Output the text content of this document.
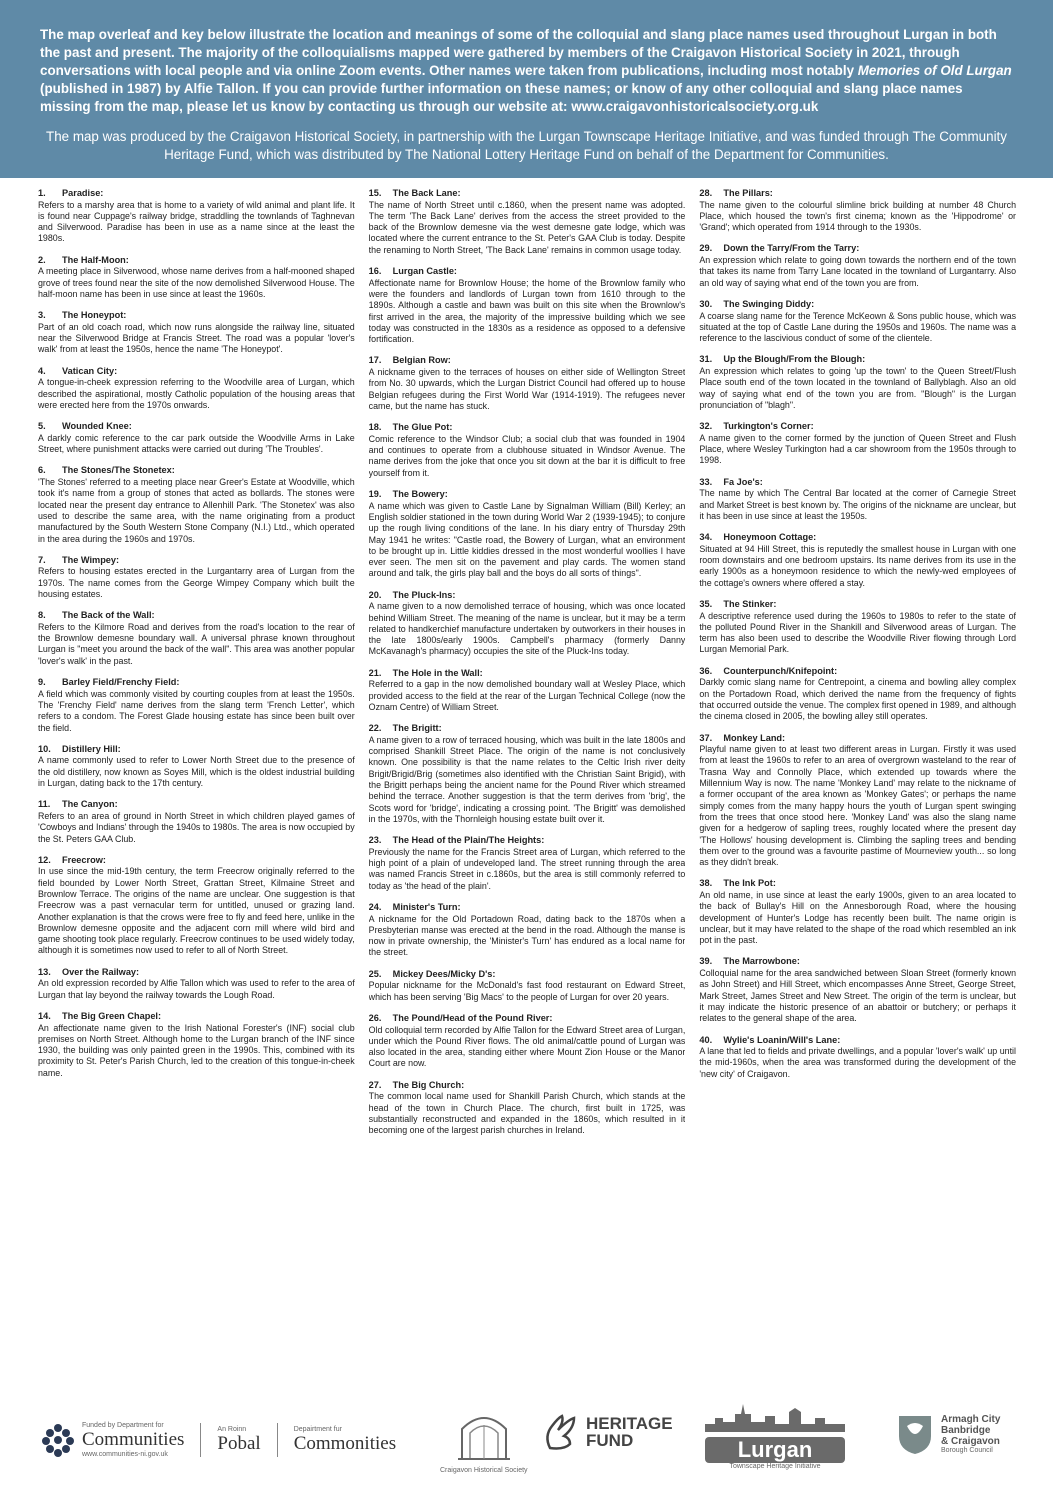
The map overleaf and key below illustrate the location and meanings of some of the colloquial and slang place names used throughout Lurgan in both the past and present. The majority of the colloquialisms mapped were gathered by members of the Craigavon Historical Society in 2021, through conversations with local people and via online Zoom events. Other names were taken from publications, including most notably Memories of Old Lurgan (published in 1987) by Alfie Tallon. If you can provide further information on these names; or know of any other colloquial and slang place names missing from the map, please let us know by contacting us through our website at: www.craigavonhistoricalsociety.org.uk

The map was produced by the Craigavon Historical Society, in partnership with the Lurgan Townscape Heritage Initiative, and was funded through The Community Heritage Fund, which was distributed by The National Lottery Heritage Fund on behalf of the Department for Communities.

1. Paradise:

Refers to a marshy area that is home to a variety of wild animal and plant life. It is found near Cuppage's railway bridge, straddling the townlands of Taghnevan and Silverwood. Paradise has been in use as a name since at the least the 1980s.

2. The Half-Moon:

A meeting place in Silverwood, whose name derives from a half-mooned shaped grove of trees found near the site of the now demolished Silverwood House. The half-moon name has been in use since at least the 1960s.

3. The Honeypot:

Part of an old coach road, which now runs alongside the railway line, situated near the Silverwood Bridge at Francis Street. The road was a popular 'lover's walk' from at least the 1950s, hence the name 'The Honeypot'.

4. Vatican City:

A tongue-in-cheek expression referring to the Woodville area of Lurgan, which described the aspirational, mostly Catholic population of the housing areas that were erected here from the 1970s onwards.

5. Wounded Knee:

A darkly comic reference to the car park outside the Woodville Arms in Lake Street, where punishment attacks were carried out during 'The Troubles'.

6. The Stones/The Stonetex:

'The Stones' referred to a meeting place near Greer's Estate at Woodville, which took it's name from a group of stones that acted as bollards. The stones were located near the present day entrance to Allenhill Park. 'The Stonetex' was also used to describe the same area, with the name originating from a product manufactured by the South Western Stone Company (N.I.) Ltd., which operated in the area during the 1960s and 1970s.

7. The Wimpey:

Refers to housing estates erected in the Lurgantarry area of Lurgan from the 1970s. The name comes from the George Wimpey Company which built the housing estates.

8. The Back of the Wall:

Refers to the Kilmore Road and derives from the road's location to the rear of the Brownlow demesne boundary wall. A universal phrase known throughout Lurgan is "meet you around the back of the wall". This area was another popular 'lover's walk' in the past.

9. Barley Field/Frenchy Field:

A field which was commonly visited by courting couples from at least the 1950s. The 'Frenchy Field' name derives from the slang term 'French Letter', which refers to a condom. The Forest Glade housing estate has since been built over the field.

10. Distillery Hill:

A name commonly used to refer to Lower North Street due to the presence of the old distillery, now known as Soyes Mill, which is the oldest industrial building in Lurgan, dating back to the 17th century.

11. The Canyon:

Refers to an area of ground in North Street in which children played games of 'Cowboys and Indians' through the 1940s to 1980s. The area is now occupied by the St. Peters GAA Club.

12. Freecrow:

In use since the mid-19th century, the term Freecrow originally referred to the field bounded by Lower North Street, Grattan Street, Kilmaine Street and Brownlow Terrace. The origins of the name are unclear. One suggestion is that Freecrow was a past vernacular term for untitled, unused or grazing land. Another explanation is that the crows were free to fly and feed here, unlike in the Brownlow demesne opposite and the adjacent corn mill where wild bird and game shooting took place regularly. Freecrow continues to be used widely today, although it is sometimes now used to refer to all of North Street.

13. Over the Railway:

An old expression recorded by Alfie Tallon which was used to refer to the area of Lurgan that lay beyond the railway towards the Lough Road.

14. The Big Green Chapel:

An affectionate name given to the Irish National Forester's (INF) social club premises on North Street. Although home to the Lurgan branch of the INF since 1930, the building was only painted green in the 1990s. This, combined with its proximity to St. Peter's Parish Church, led to the creation of this tongue-in-cheek name.

15. The Back Lane:

The name of North Street until c.1860, when the present name was adopted. The term 'The Back Lane' derives from the access the street provided to the back of the Brownlow demesne via the west demesne gate lodge, which was located where the current entrance to the St. Peter's GAA Club is today. Despite the renaming to North Street, 'The Back Lane' remains in common usage today.

16. Lurgan Castle:

Affectionate name for Brownlow House; the home of the Brownlow family who were the founders and landlords of Lurgan town from 1610 through to the 1890s. Although a castle and bawn was built on this site when the Brownlow's first arrived in the area, the majority of the impressive building which we see today was constructed in the 1830s as a residence as opposed to a defensive fortification.

17. Belgian Row:

A nickname given to the terraces of houses on either side of Wellington Street from No. 30 upwards, which the Lurgan District Council had offered up to house Belgian refugees during the First World War (1914-1919). The refugees never came, but the name has stuck.

18. The Glue Pot:

Comic reference to the Windsor Club; a social club that was founded in 1904 and continues to operate from a clubhouse situated in Windsor Avenue. The name derives from the joke that once you sit down at the bar it is difficult to free yourself from it.

19. The Bowery:

A name which was given to Castle Lane by Signalman William (Bill) Kerley; an English soldier stationed in the town during World War 2 (1939-1945); to conjure up the rough living conditions of the lane. In his diary entry of Thursday 29th May 1941 he writes: "Castle road, the Bowery of Lurgan, what an environment to be brought up in. Little kiddies dressed in the most wonderful woollies I have ever seen. The men sit on the pavement and play cards. The women stand around and talk, the girls play ball and the boys do all sorts of things".

20. The Pluck-Ins:

A name given to a now demolished terrace of housing, which was once located behind William Street. The meaning of the name is unclear, but it may be a term related to handkerchief manufacture undertaken by outworkers in their houses in the late 1800s/early 1900s. Campbell's pharmacy (formerly Danny McKavanagh's pharmacy) occupies the site of the Pluck-Ins today.

21. The Hole in the Wall:

Referred to a gap in the now demolished boundary wall at Wesley Place, which provided access to the field at the rear of the Lurgan Technical College (now the Oznam Centre) of William Street.

22. The Brigitt:

A name given to a row of terraced housing, which was built in the late 1800s and comprised Shankill Street Place. The origin of the name is not conclusively known. One possibility is that the name relates to the Celtic Irish river deity Brigit/Brigid/Brig (sometimes also identified with the Christian Saint Brigid), with the Brigitt perhaps being the ancient name for the Pound River which streamed behind the terrace. Another suggestion is that the term derives from 'brig', the Scots word for 'bridge', indicating a crossing point. 'The Brigitt' was demolished in the 1970s, with the Thornleigh housing estate built over it.

23. The Head of the Plain/The Heights:

Previously the name for the Francis Street area of Lurgan, which referred to the high point of a plain of undeveloped land. The street running through the area was named Francis Street in c.1860s, but the area is still commonly referred to today as 'the head of the plain'.

24. Minister's Turn:

A nickname for the Old Portadown Road, dating back to the 1870s when a Presbyterian manse was erected at the bend in the road. Although the manse is now in private ownership, the 'Minister's Turn' has endured as a local name for the street.

25. Mickey Dees/Micky D's:

Popular nickname for the McDonald's fast food restaurant on Edward Street, which has been serving 'Big Macs' to the people of Lurgan for over 20 years.

26. The Pound/Head of the Pound River:

Old colloquial term recorded by Alfie Tallon for the Edward Street area of Lurgan, under which the Pound River flows. The old animal/cattle pound of Lurgan was also located in the area, standing either where Mount Zion House or the Manor Court are now.

27. The Big Church:

The common local name used for Shankill Parish Church, which stands at the head of the town in Church Place. The church, first built in 1725, was substantially reconstructed and expanded in the 1860s, which resulted in it becoming one of the largest parish churches in Ireland.

28. The Pillars:

The name given to the colourful slimline brick building at number 48 Church Place, which housed the town's first cinema; known as the 'Hippodrome' or 'Grand'; which operated from 1914 through to the 1930s.

29. Down the Tarry/From the Tarry:

An expression which relate to going down towards the northern end of the town that takes its name from Tarry Lane located in the townland of Lurgantarry. Also an old way of saying what end of the town you are from.

30. The Swinging Diddy:

A coarse slang name for the Terence McKeown & Sons public house, which was situated at the top of Castle Lane during the 1950s and 1960s. The name was a reference to the lascivious conduct of some of the clientele.

31. Up the Blough/From the Blough:

An expression which relates to going 'up the town' to the Queen Street/Flush Place south end of the town located in the townland of Ballyblagh. Also an old way of saying what end of the town you are from. "Blough" is the Lurgan pronunciation of "blagh".

32. Turkington's Corner:

A name given to the corner formed by the junction of Queen Street and Flush Place, where Wesley Turkington had a car showroom from the 1950s through to 1998.

33. Fa Joe's:

The name by which The Central Bar located at the corner of Carnegie Street and Market Street is best known by. The origins of the nickname are unclear, but it has been in use since at least the 1950s.

34. Honeymoon Cottage:

Situated at 94 Hill Street, this is reputedly the smallest house in Lurgan with one room downstairs and one bedroom upstairs. Its name derives from its use in the early 1900s as a honeymoon residence to which the newly-wed employees of the cottage's owners where offered a stay.

35. The Stinker:

A descriptive reference used during the 1960s to 1980s to refer to the state of the polluted Pound River in the Shankill and Silverwood areas of Lurgan. The term has also been used to describe the Woodville River flowing through Lord Lurgan Memorial Park.

36. Counterpunch/Knifepoint:

Darkly comic slang name for Centrepoint, a cinema and bowling alley complex on the Portadown Road, which derived the name from the frequency of fights that occurred outside the venue. The complex first opened in 1989, and although the cinema closed in 2005, the bowling alley still operates.

37. Monkey Land:

Playful name given to at least two different areas in Lurgan. Firstly it was used from at least the 1960s to refer to an area of overgrown wasteland to the rear of Trasna Way and Connolly Place, which extended up towards where the Millennium Way is now. The name 'Monkey Land' may relate to the nickname of a former occupant of the area known as 'Monkey Gates'; or perhaps the name simply comes from the many happy hours the youth of Lurgan spent swinging from the trees that once stood here. 'Monkey Land' was also the slang name given for a hedgerow of sapling trees, roughly located where the present day 'The Hollows' housing development is. Climbing the sapling trees and bending them over to the ground was a favourite pastime of Mourneview youth... so long as they didn't break.

38. The Ink Pot:

An old name, in use since at least the early 1900s, given to an area located to the back of Bullay's Hill on the Annesborough Road, where the housing development of Hunter's Lodge has recently been built. The name origin is unclear, but it may have related to the shape of the road which resembled an ink pot in the past.

39. The Marrowbone:

Colloquial name for the area sandwiched between Sloan Street (formerly known as John Street) and Hill Street, which encompasses Anne Street, George Street, Mark Street, James Street and New Street. The origin of the term is unclear, but it may indicate the historic presence of an abattoir or butchery; or perhaps it relates to the general shape of the area.

40. Wylie's Loanin/Will's Lane:

A lane that led to fields and private dwellings, and a popular 'lover's walk' up until the mid-1960s, when the area was transformed during the development of the 'new city' of Craigavon.

Funded by Department for
Communities
www.communities-ni.gov.uk
An Roinn
Pobal
Depairtment fur
Commonities
Craigavon Historical Society
HERITAGE
FUND	Lurgan
Townscape Heritage Initiative
Armagh City
Banbridge
& Craigavon
Borough Council
